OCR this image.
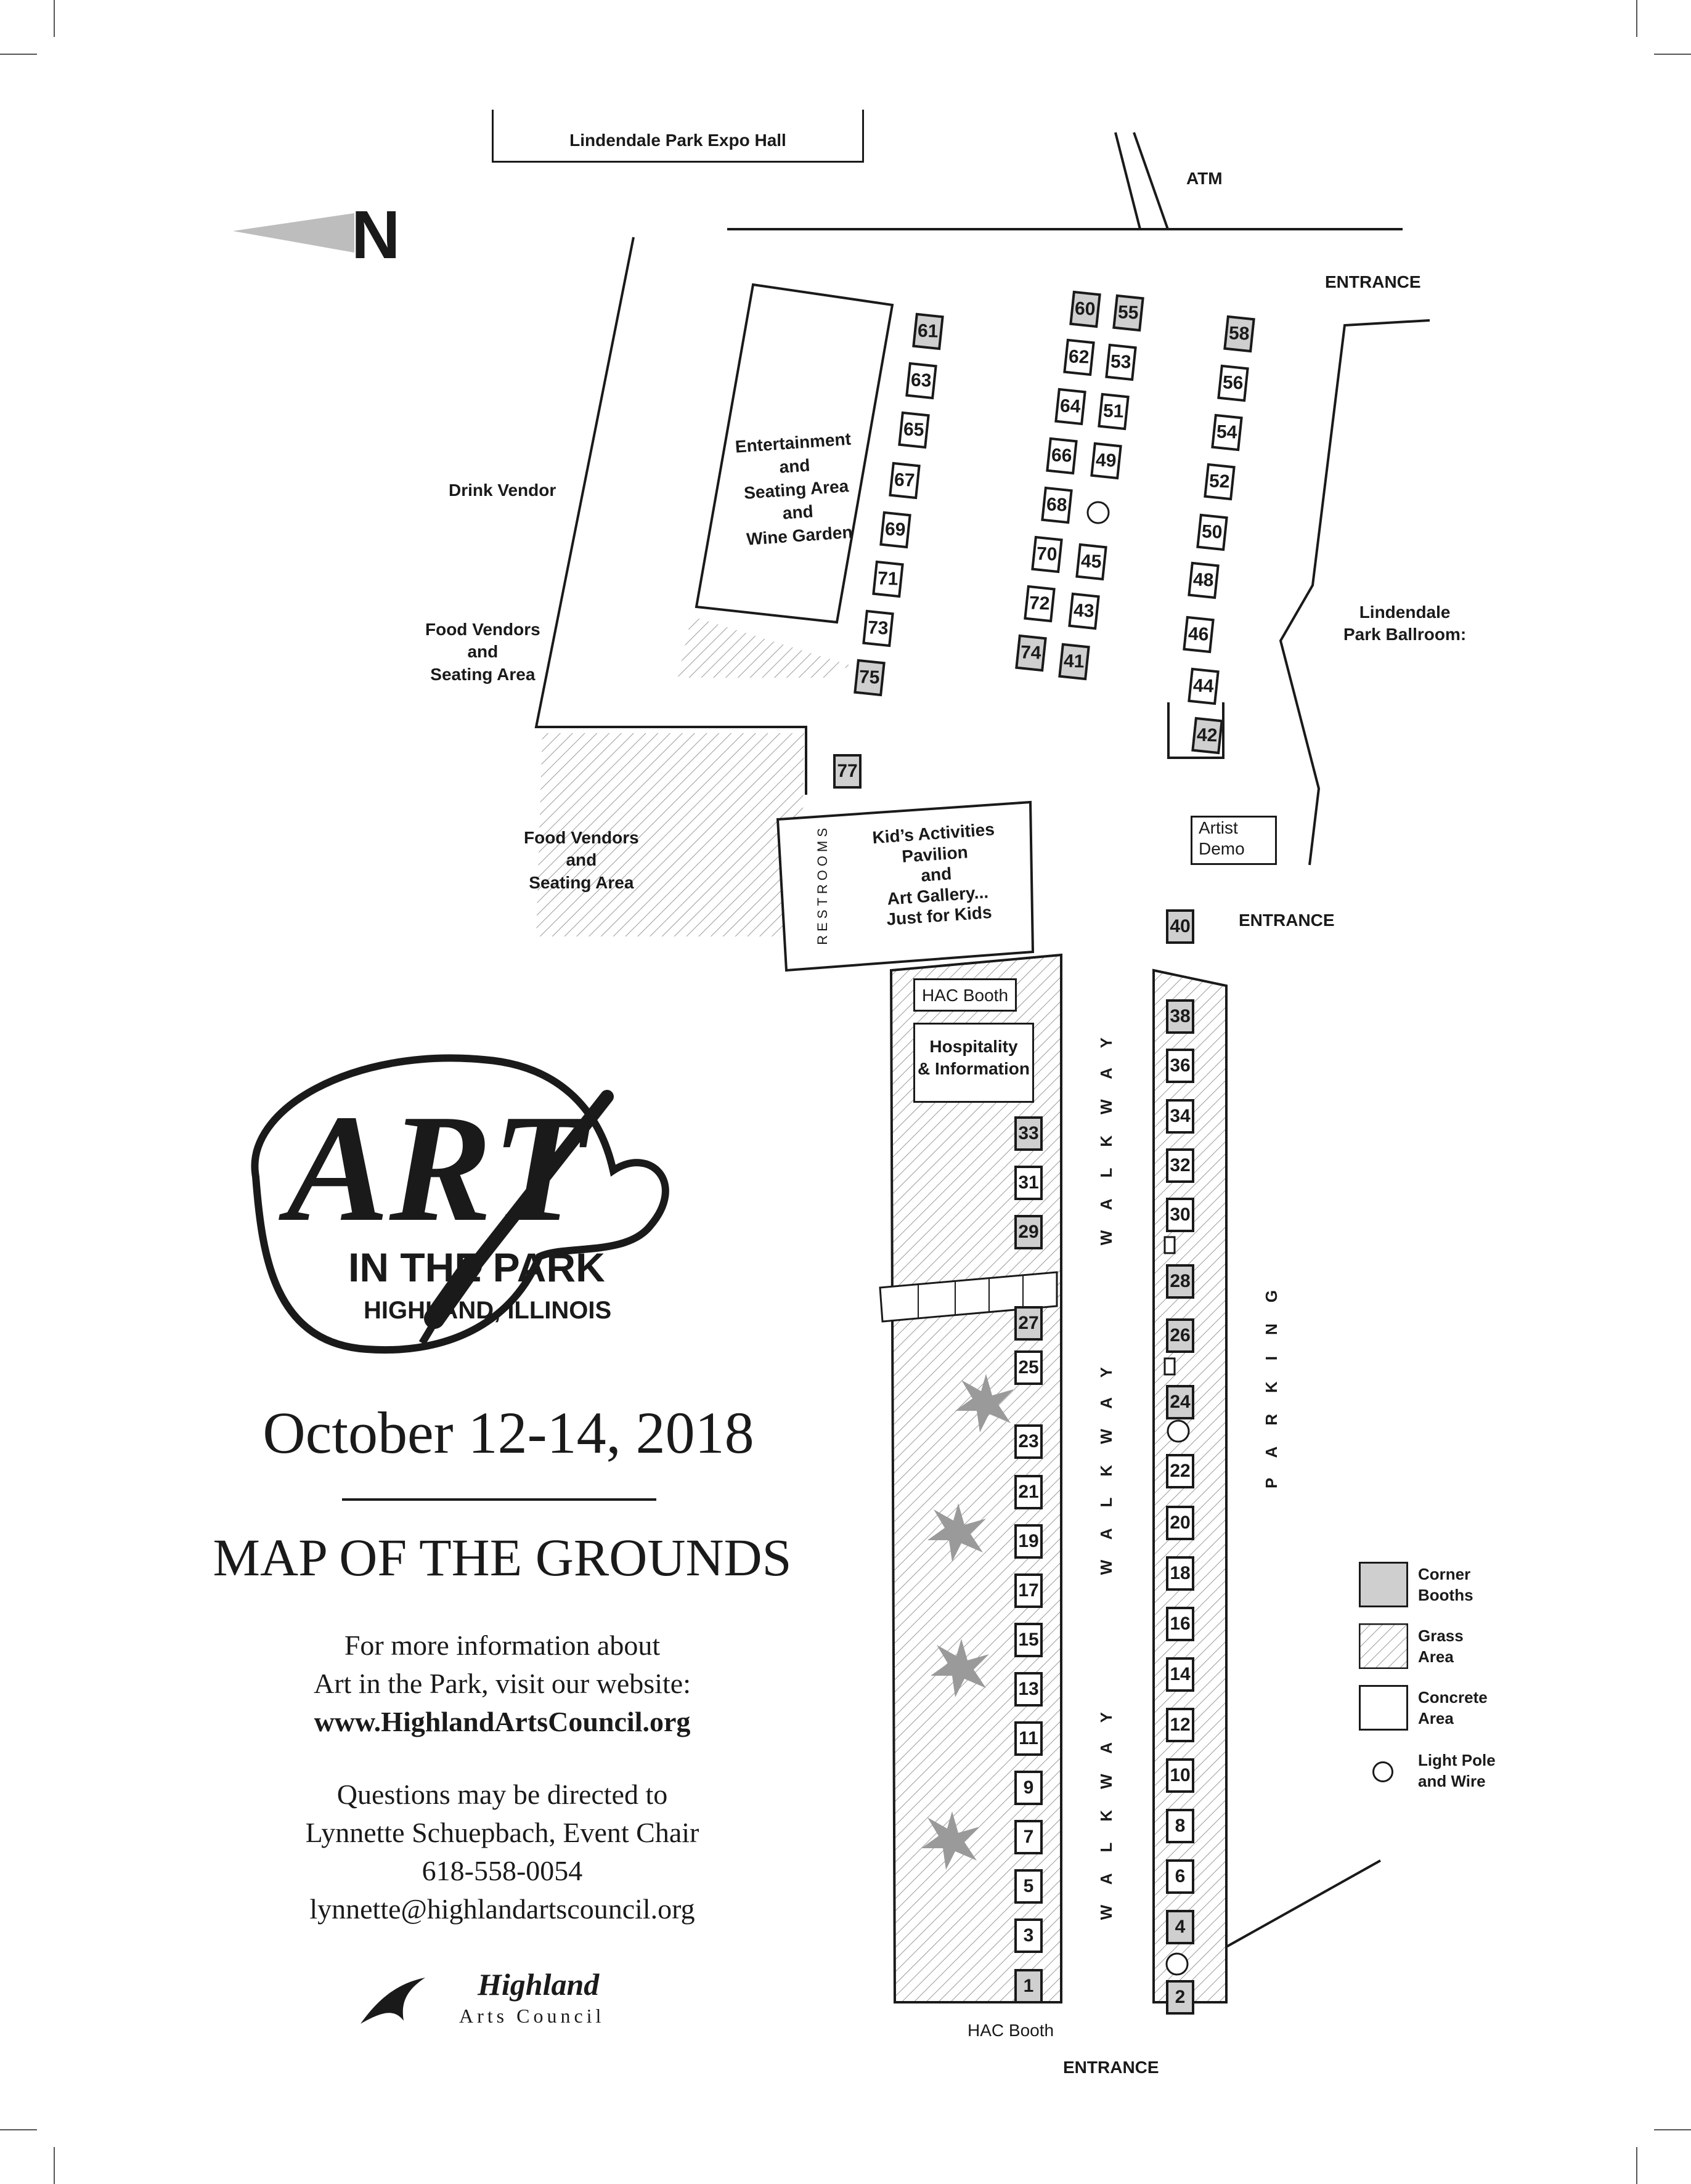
Lindendale Park Expo Hall
N
ATM
ENTRANCE
ENTRANCE
ENTRANCE
Drink Vendor
Food Vendors
and
Seating Area
Food Vendors
and
Seating Area
Entertainment
and
Seating Area
and
Wine Garden
Lindendale
Park Ballroom:
RESTROOMS Kid’s Activities
Pavilion
and
Art Gallery...
Just for Kids
Artist
Demo
HAC Booth
Hospitality
& Information
HAC Booth
WALKWAY
WALKWAY
WALKWAY
PARKING
61
63
65
67
69
71
73
75
60
62
64
66
68
70
72
74
55
53
51
49
45
43
41
58
56
54
52
50
48
46
44
42
77
40
33
31
29
27
25
23
21
19
17
15
13
11
9
7
5
3
1
38
36
34
32
30
28
26
24
22
20
18
16
14
12
10
8
6
4
2
Corner
Booths
Grass
Area
Concrete
Area
Light Pole
and Wire
ART
IN THE PARK
HIGHLAND, ILLINOIS
October 12-14, 2018
MAP OF THE GROUNDS
For more information about
Art in the Park, visit our website:
www.HighlandArtsCouncil.org
Questions may be directed to
Lynnette Schuepbach, Event Chair
618-558-0054
lynnette@highlandartscouncil.org
Highland
Arts Council
